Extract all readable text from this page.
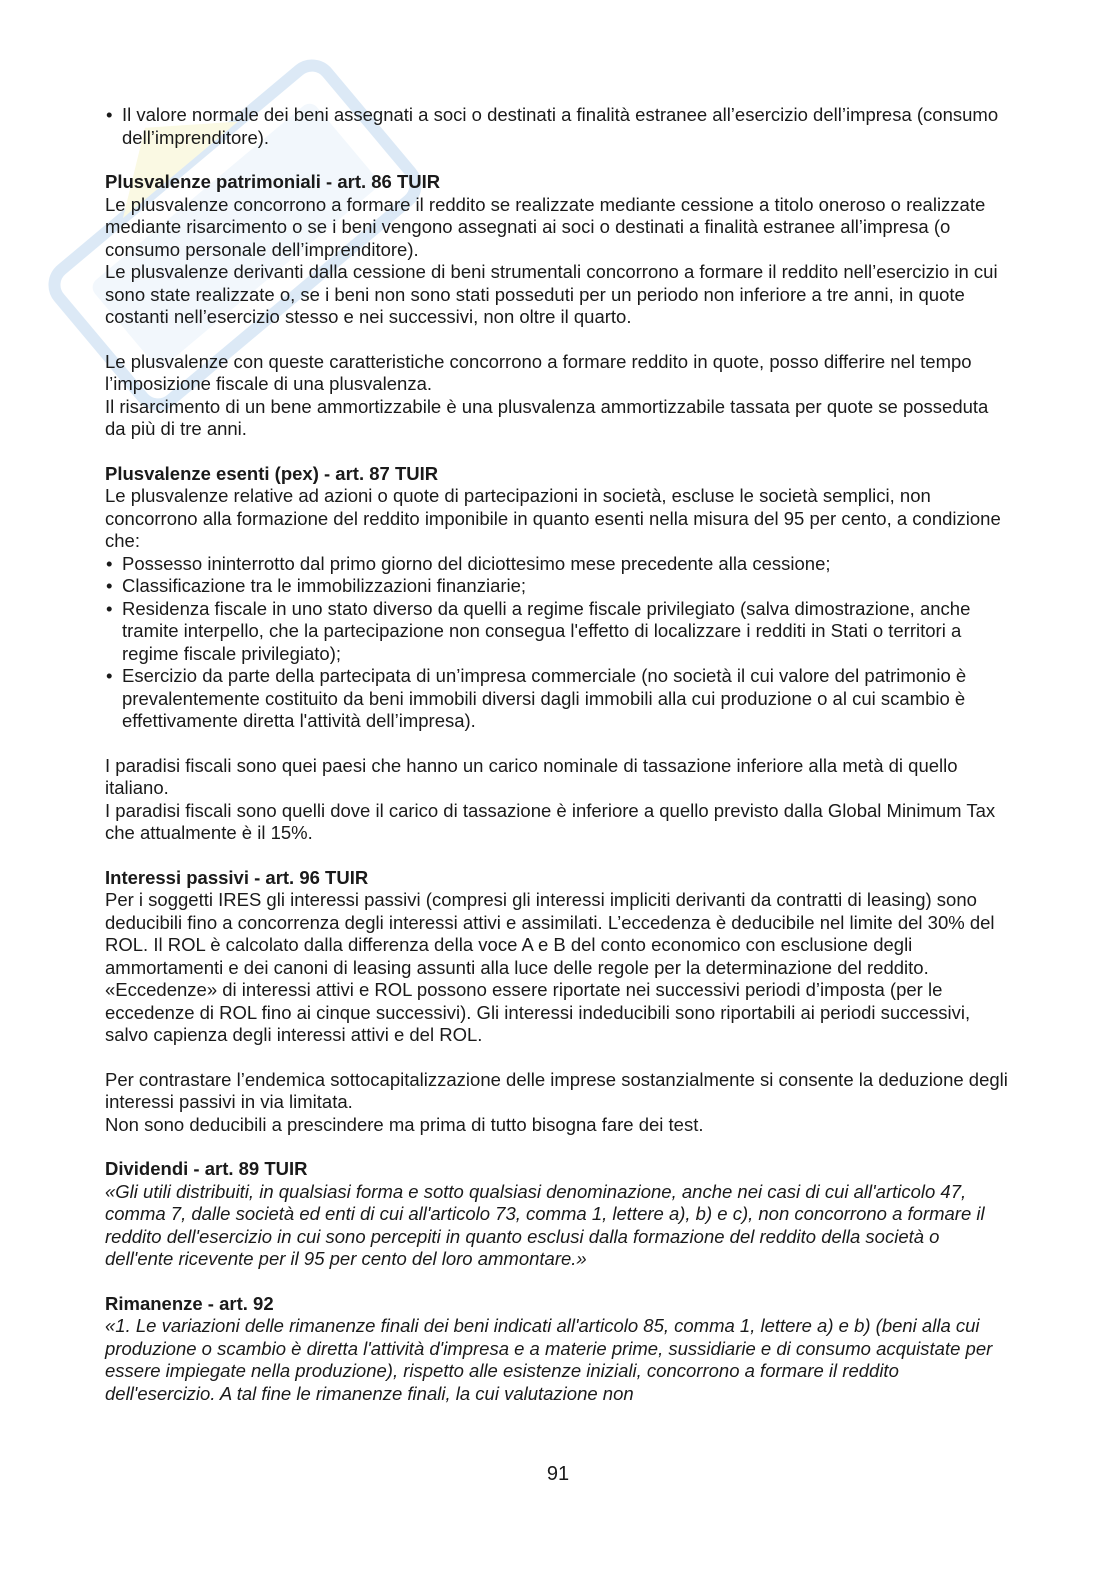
• Il valore normale dei beni assegnati a soci o destinati a finalità estranee all’esercizio dell’impresa (consumo dell’imprenditore).

Plusvalenze patrimoniali - art. 86 TUIR

Le plusvalenze concorrono a formare il reddito se realizzate mediante cessione a titolo oneroso o realizzate mediante risarcimento o se i beni vengono assegnati ai soci o destinati a finalità estranee all’impresa (o consumo personale dell’imprenditore).

Le plusvalenze derivanti dalla cessione di beni strumentali concorrono a formare il reddito nell’esercizio in cui sono state realizzate o, se i beni non sono stati posseduti per un periodo non inferiore a tre anni, in quote costanti nell’esercizio stesso e nei successivi, non oltre il quarto.

Le plusvalenze con queste caratteristiche concorrono a formare reddito in quote, posso differire nel tempo l’imposizione fiscale di una plusvalenza.

Il risarcimento di un bene ammortizzabile è una plusvalenza ammortizzabile tassata per quote se posseduta da più di tre anni.

Plusvalenze esenti (pex) - art. 87 TUIR

Le plusvalenze relative ad azioni o quote di partecipazioni in società, escluse le società semplici, non concorrono alla formazione del reddito imponibile in quanto esenti nella misura del 95 per cento, a condizione che:

• Possesso ininterrotto dal primo giorno del diciottesimo mese precedente alla cessione;
• Classificazione tra le immobilizzazioni finanziarie;
• Residenza fiscale in uno stato diverso da quelli a regime fiscale privilegiato (salva dimostrazione, anche tramite interpello, che la partecipazione non consegua l'effetto di localizzare i redditi in Stati o territori a regime fiscale privilegiato);
• Esercizio da parte della partecipata di un’impresa commerciale (no società il cui valore del patrimonio è prevalentemente costituito da beni immobili diversi dagli immobili alla cui produzione o al cui scambio è effettivamente diretta l'attività dell’impresa).

I paradisi fiscali sono quei paesi che hanno un carico nominale di tassazione inferiore alla metà di quello italiano.

I paradisi fiscali sono quelli dove il carico di tassazione è inferiore a quello previsto dalla Global Minimum Tax che attualmente è il 15%.

Interessi passivi - art. 96 TUIR

Per i soggetti IRES gli interessi passivi (compresi gli interessi impliciti derivanti da contratti di leasing) sono deducibili fino a concorrenza degli interessi attivi e assimilati. L’eccedenza è deducibile nel limite del 30% del ROL. Il ROL è calcolato dalla differenza della voce A e B del conto economico con esclusione degli ammortamenti e dei canoni di leasing assunti alla luce delle regole per la determinazione del reddito. «Eccedenze» di interessi attivi e ROL possono essere riportate nei successivi periodi d’imposta (per le eccedenze di ROL fino ai cinque successivi). Gli interessi indeducibili sono riportabili ai periodi successivi, salvo capienza degli interessi attivi e del ROL.

Per contrastare l’endemica sottocapitalizzazione delle imprese sostanzialmente si consente la deduzione degli interessi passivi in via limitata.

Non sono deducibili a prescindere ma prima di tutto bisogna fare dei test.

Dividendi - art. 89 TUIR

«Gli utili distribuiti, in qualsiasi forma e sotto qualsiasi denominazione, anche nei casi di cui all'articolo 47, comma 7, dalle società ed enti di cui all'articolo 73, comma 1, lettere a), b) e c), non concorrono a formare il reddito dell'esercizio in cui sono percepiti in quanto esclusi dalla formazione del reddito della società o dell'ente ricevente per il 95 per cento del loro ammontare.»

Rimanenze - art. 92

«1. Le variazioni delle rimanenze finali dei beni indicati all'articolo 85, comma 1, lettere a) e b) (beni alla cui produzione o scambio è diretta l'attività d'impresa e a materie prime, sussidiarie e di consumo acquistate per essere impiegate nella produzione), rispetto alle esistenze iniziali, concorrono a formare il reddito dell'esercizio. A tal fine le rimanenze finali, la cui valutazione non

91
